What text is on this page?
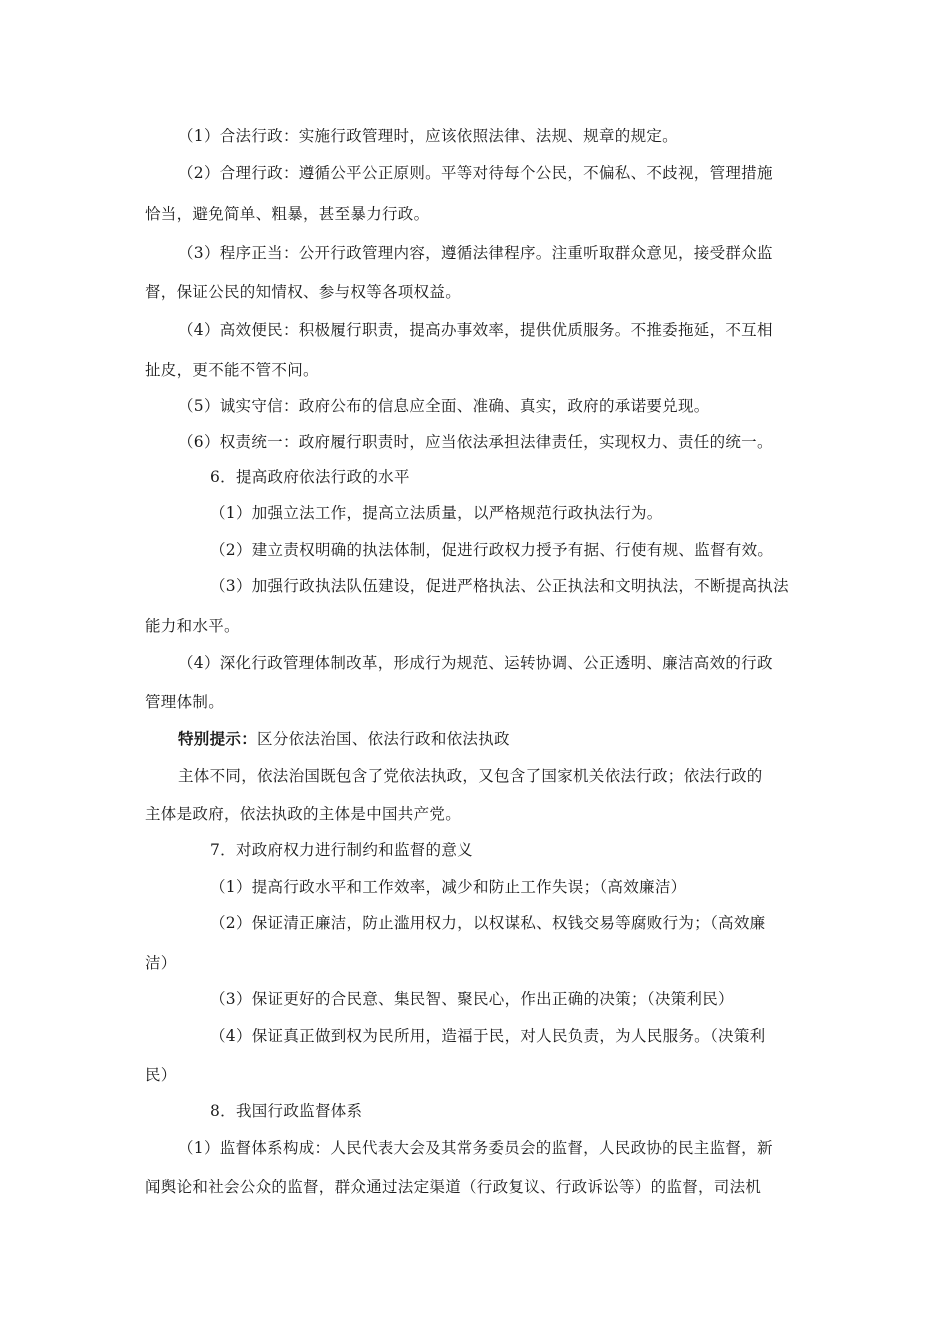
（1）合法行政：实施行政管理时，应该依照法律、法规、规章的规定。
（2）合理行政：遵循公平公正原则。平等对待每个公民，不偏私、不歧视，管理措施
恰当，避免简单、粗暴，甚至暴力行政。
（3）程序正当：公开行政管理内容，遵循法律程序。注重听取群众意见，接受群众监
督，保证公民的知情权、参与权等各项权益。
（4）高效便民：积极履行职责，提高办事效率，提供优质服务。不推委拖延，不互相
扯皮，更不能不管不问。
（5）诚实守信：政府公布的信息应全面、准确、真实，政府的承诺要兑现。
（6）权责统一：政府履行职责时，应当依法承担法律责任，实现权力、责任的统一。
6．提高政府依法行政的水平
（1）加强立法工作，提高立法质量，以严格规范行政执法行为。
（2）建立责权明确的执法体制，促进行政权力授予有据、行使有规、监督有效。
（3）加强行政执法队伍建设，促进严格执法、公正执法和文明执法，不断提高执法
能力和水平。
（4）深化行政管理体制改革，形成行为规范、运转协调、公正透明、廉洁高效的行政
管理体制。
特别提示：区分依法治国、依法行政和依法执政
主体不同，依法治国既包含了党依法执政，又包含了国家机关依法行政；依法行政的
主体是政府，依法执政的主体是中国共产党。
7．对政府权力进行制约和监督的意义
（1）提高行政水平和工作效率，减少和防止工作失误；（高效廉洁）
（2）保证清正廉洁，防止滥用权力，以权谋私、权钱交易等腐败行为；（高效廉
洁）
（3）保证更好的合民意、集民智、聚民心，作出正确的决策；（决策利民）
（4）保证真正做到权为民所用，造福于民，对人民负责，为人民服务。（决策利
民）
8．我国行政监督体系
（1）监督体系构成：人民代表大会及其常务委员会的监督，人民政协的民主监督，新
闻舆论和社会公众的监督，群众通过法定渠道（行政复议、行政诉讼等）的监督，司法机
